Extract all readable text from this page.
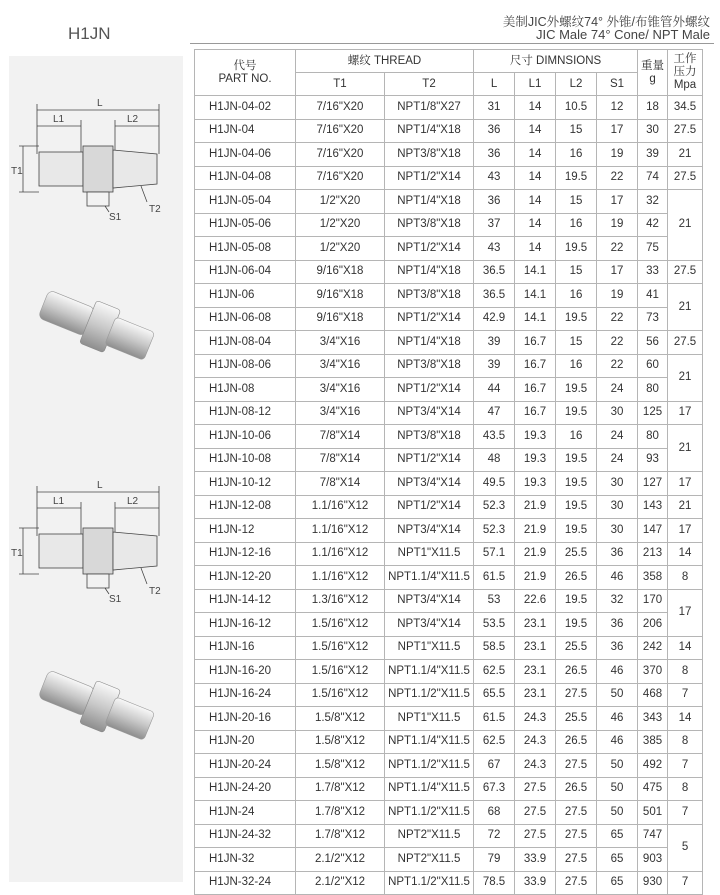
H1JN
美制JIC外螺纹74° 外锥/布锥管外螺纹
JIC Male 74° Cone/ NPT Male
L
L1	L2
T1
S1
T2
L
L1	L2
T1
S1
T2
代号
PART NO.	螺纹 THREAD		尺寸 DIMNSIONS				重量
g	工作
压力
Mpa
	T1	T2	L	L1	L2	S1		
H1JN-04-02	7/16"X20	NPT1/8"X27	31	14	10.5	12	18	34.5
H1JN-04	7/16"X20	NPT1/4"X18	36	14	15	17	30	27.5
H1JN-04-06	7/16"X20	NPT3/8"X18	36	14	16	19	39	21
H1JN-04-08	7/16"X20	NPT1/2"X14	43	14	19.5	22	74	27.5
H1JN-05-04	1/2"X20	NPT1/4"X18	36	14	15	17	32	21
H1JN-05-06	1/2"X20	NPT3/8"X18	37	14	16	19	42	
H1JN-05-08	1/2"X20	NPT1/2"X14	43	14	19.5	22	75	
H1JN-06-04	9/16"X18	NPT1/4"X18	36.5	14.1	15	17	33	27.5
H1JN-06	9/16"X18	NPT3/8"X18	36.5	14.1	16	19	41	21
H1JN-06-08	9/16"X18	NPT1/2"X14	42.9	14.1	19.5	22	73	
H1JN-08-04	3/4"X16	NPT1/4"X18	39	16.7	15	22	56	27.5
H1JN-08-06	3/4"X16	NPT3/8"X18	39	16.7	16	22	60	21
H1JN-08	3/4"X16	NPT1/2"X14	44	16.7	19.5	24	80	
H1JN-08-12	3/4"X16	NPT3/4"X14	47	16.7	19.5	30	125	17
H1JN-10-06	7/8"X14	NPT3/8"X18	43.5	19.3	16	24	80	21
H1JN-10-08	7/8"X14	NPT1/2"X14	48	19.3	19.5	24	93	
H1JN-10-12	7/8"X14	NPT3/4"X14	49.5	19.3	19.5	30	127	17
H1JN-12-08	1.1/16"X12	NPT1/2"X14	52.3	21.9	19.5	30	143	21
H1JN-12	1.1/16"X12	NPT3/4"X14	52.3	21.9	19.5	30	147	17
H1JN-12-16	1.1/16"X12	NPT1"X11.5	57.1	21.9	25.5	36	213	14
H1JN-12-20	1.1/16"X12	NPT1.1/4"X11.5	61.5	21.9	26.5	46	358	8
H1JN-14-12	1.3/16"X12	NPT3/4"X14	53	22.6	19.5	32	170	17
H1JN-16-12	1.5/16"X12	NPT3/4"X14	53.5	23.1	19.5	36	206	
H1JN-16	1.5/16"X12	NPT1"X11.5	58.5	23.1	25.5	36	242	14
H1JN-16-20	1.5/16"X12	NPT1.1/4"X11.5	62.5	23.1	26.5	46	370	8
H1JN-16-24	1.5/16"X12	NPT1.1/2"X11.5	65.5	23.1	27.5	50	468	7
H1JN-20-16	1.5/8"X12	NPT1"X11.5	61.5	24.3	25.5	46	343	14
H1JN-20	1.5/8"X12	NPT1.1/4"X11.5	62.5	24.3	26.5	46	385	8
H1JN-20-24	1.5/8"X12	NPT1.1/2"X11.5	67	24.3	27.5	50	492	7
H1JN-24-20	1.7/8"X12	NPT1.1/4"X11.5	67.3	27.5	26.5	50	475	8
H1JN-24	1.7/8"X12	NPT1.1/2"X11.5	68	27.5	27.5	50	501	7
H1JN-24-32	1.7/8"X12	NPT2"X11.5	72	27.5	27.5	65	747	5
H1JN-32	2.1/2"X12	NPT2"X11.5	79	33.9	27.5	65	903	
H1JN-32-24	2.1/2"X12	NPT1.1/2"X11.5	78.5	33.9	27.5	65	930	7
